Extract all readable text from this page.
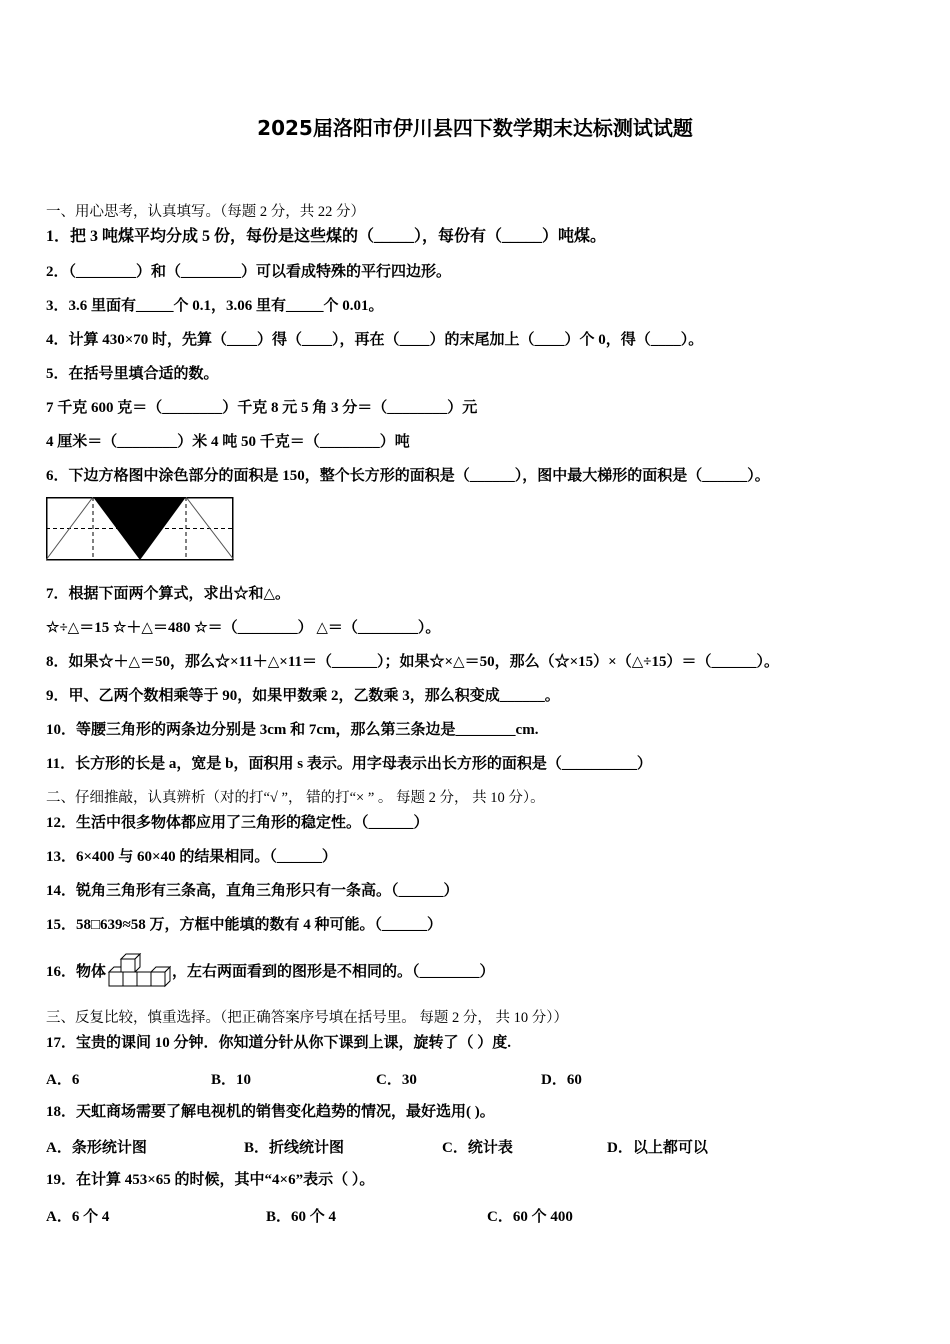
2025届洛阳市伊川县四下数学期末达标测试试题
一、用心思考，认真填写。（每题 2 分，共 22 分）
1．把 3 吨煤平均分成 5 份，每份是这些煤的（_____），每份有（_____）吨煤。
2．（________）和（________）可以看成特殊的平行四边形。
3．3.6 里面有_____个 0.1，3.06 里有_____个 0.01。
4．计算 430×70 时，先算（____）得（____），再在（____）的末尾加上（____）个 0，得（____）。
5．在括号里填合适的数。
7 千克 600 克＝（________）千克 8 元 5 角 3 分＝（________）元
4 厘米＝（________）米 4 吨 50 千克＝（________）吨
6．下边方格图中涂色部分的面积是 150，整个长方形的面积是（______），图中最大梯形的面积是（______）。
7．根据下面两个算式，求出☆和△。
☆÷△＝15 ☆＋△＝480 ☆＝（________） △＝（________）。
8．如果☆＋△＝50，那么☆×11＋△×11＝（______）；如果☆×△＝50，那么（☆×15）×（△÷15）＝（______）。
9．甲、乙两个数相乘等于 90，如果甲数乘 2，乙数乘 3，那么积变成______。
10．等腰三角形的两条边分别是 3cm 和 7cm，那么第三条边是________cm.
11．长方形的长是 a，宽是 b，面积用 s 表示。用字母表示出长方形的面积是（__________）
二、仔细推敲，认真辨析（对的打“√ ”， 错的打“× ” 。 每题 2 分， 共 10 分）。
12．生活中很多物体都应用了三角形的稳定性。（______）
13．6×400 与 60×40 的结果相同。（______）
14．锐角三角形有三条高，直角三角形只有一条高。（______）
15．58□639≈58 万，方框中能填的数有 4 种可能。（______）
16．物体	，左右两面看到的图形是不相同的。（________）
三、反复比较，慎重选择。（把正确答案序号填在括号里。 每题 2 分， 共 10 分））
17．宝贵的课间 10 分钟．你知道分针从你下课到上课，旋转了（ ）度.
A．6	B．10	C．30	D．60
18．天虹商场需要了解电视机的销售变化趋势的情况，最好选用( )。
A．条形统计图	B．折线统计图	C．统计表	D．以上都可以
19．在计算 453×65 的时候，其中“4×6”表示（ ）。
A．6 个 4	B．60 个 4	C．60 个 400
